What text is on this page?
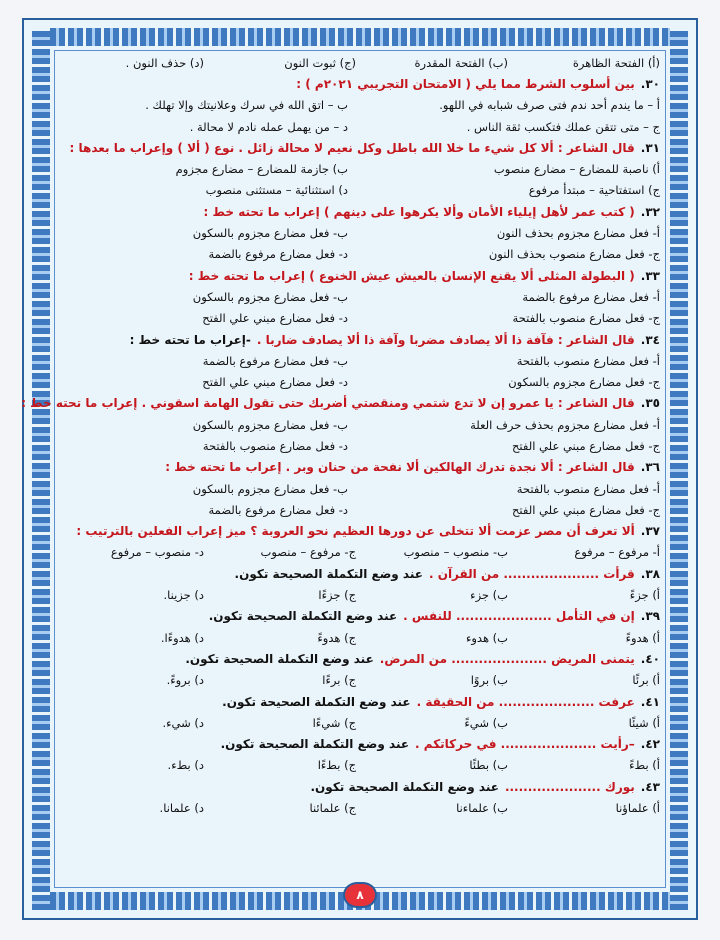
(أ) الفتحة الظاهرة
(ب) الفتحة المقدرة
(ج) ثبوت النون
(د) حذف النون .
٣٠.
بين أسلوب الشرط مما يلي ( الامتحان التجريبي ٢٠٢١م ) :
أ – ما يندم أحد ندم فتى صرف شبابه في اللهو.
ب – اتق الله في سرك وعلانيتك وإلا تهلك .
ج – متى تتقن عملك فتكسب ثقة الناس .
د – من يهمل عمله نادم لا محالة .
٣١.
قال الشاعر : ألا كل شيء ما خلا الله باطل وكل نعيم لا محالة زائل . نوع ( ألا ) وإعراب ما بعدها :
أ) ناصبة للمضارع – مضارع منصوب
ب) جازمة للمضارع – مضارع مجزوم
ج) استفتاحية – مبتدأ مرفوع
د) استثنائية – مستثنى منصوب
٣٢.
( كتب عمر لأهل إيلياء الأمان وألا يكرهوا على دينهم ) إعراب ما تحته خط :
أ- فعل مضارع مجزوم بحذف النون
ب- فعل مضارع مجزوم بالسكون
ج- فعل مضارع منصوب بحذف النون
د- فعل مضارع مرفوع بالضمة
٣٣.
( البطولة المثلى ألا يقنع الإنسان بالعيش عيش الخنوع ) إعراب ما تحته خط :
أ- فعل مضارع مرفوع بالضمة
ب- فعل مضارع مجزوم بالسكون
ج- فعل مضارع منصوب بالفتحة
د- فعل مضارع مبني علي الفتح
٣٤.
قال الشاعر : فآفة ذا ألا يصادف مضربا وآفة ذا ألا يصادف ضاربا .
-إعراب ما تحته خط :
أ- فعل مضارع منصوب بالفتحة
ب- فعل مضارع مرفوع بالضمة
ج- فعل مضارع مجزوم بالسكون
د- فعل مضارع مبني علي الفتح
٣٥.
قال الشاعر : يا عمرو إن لا تدع شتمي ومنقصتي أضربك حتى تقول الهامة اسقوني . إعراب ما تحته خط :
أ- فعل مضارع مجزوم بحذف حرف العلة
ب- فعل مضارع مجزوم بالسكون
ج- فعل مضارع مبني علي الفتح
د- فعل مضارع منصوب بالفتحة
٣٦.
قال الشاعر : ألا نجدة تدرك الهالكين ألا نفحة من حنان وبر . إعراب ما تحته خط :
أ- فعل مضارع منصوب بالفتحة
ب- فعل مضارع مجزوم بالسكون
ج- فعل مضارع مبني علي الفتح
د- فعل مضارع مرفوع بالضمة
٣٧.
ألا تعرف أن مصر عزمت ألا تتخلى عن دورها العظيم نحو العروبة ؟ ميز إعراب الفعلين بالترتيب :
أ- مرفوع – مرفوع
ب- منصوب – منصوب
ج- مرفوع – منصوب
د- منصوب – مرفوع
٣٨.
قرأت ..................... من القرآن .
عند وضع التكملة الصحيحة تكون.
أ) جزءً
ب) جزء
ج) جزءًا
د) جزينا.
٣٩.
إن في التأمل ..................... للنفس .
عند وضع التكملة الصحيحة تكون.
أ) هدوءً
ب) هدوء
ج) هدوءً
د) هدوءًا.
٤٠.
يتمنى المريض ..................... من المرض.
عند وضع التكملة الصحيحة تكون.
أ) برئًا
ب) بروًا
ج) برءًا
د) بروءً.
٤١.
عرفت ..................... من الحقيقة .
عند وضع التكملة الصحيحة تكون.
أ) شيئًا
ب) شيءً
ج) شيءًا
د) شيء.
٤٢.
–رأيت ..................... في حركاتكم .
عند وضع التكملة الصحيحة تكون.
أ) بطءً
ب) بطئًا
ج) بطءًا
د) بطء.
٤٣.
بورك .....................
عند وضع التكملة الصحيحة تكون.
أ) علماؤنا
ب) علماءنا
ج) علمائنا
د) علمانا.
٨
